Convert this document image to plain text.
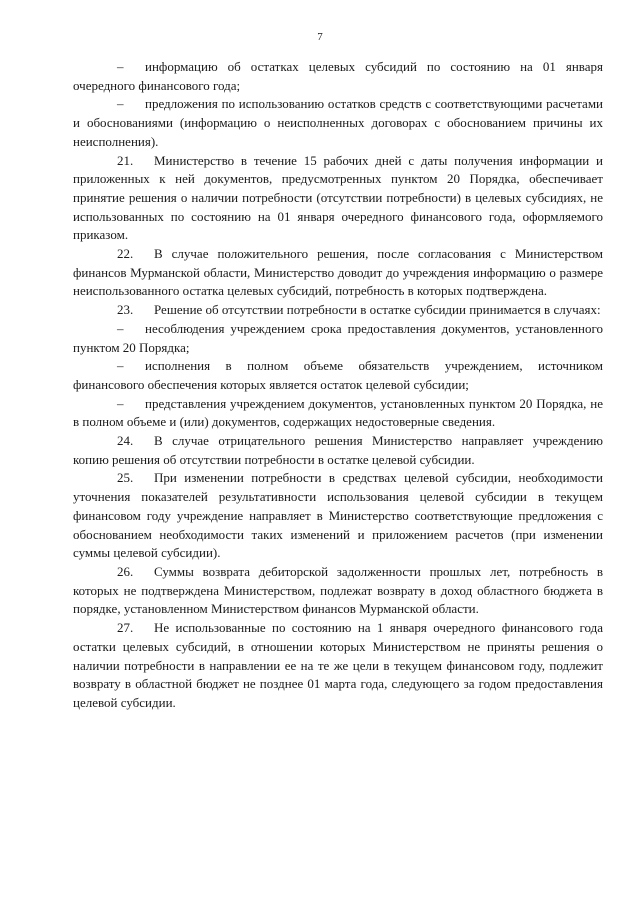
7

– информацию об остатках целевых субсидий по состоянию на 01 января очередного финансового года;

– предложения по использованию остатков средств с соответствующими расчетами и обоснованиями (информацию о неисполненных договорах с обоснованием причины их неисполнения).

21. Министерство в течение 15 рабочих дней с даты получения информации и приложенных к ней документов, предусмотренных пунктом 20 Порядка, обеспечивает принятие решения о наличии потребности (отсутствии потребности) в целевых субсидиях, не использованных по состоянию на 01 января очередного финансового года, оформляемого приказом.

22. В случае положительного решения, после согласования с Министерством финансов Мурманской области, Министерство доводит до учреждения информацию о размере неиспользованного остатка целевых субсидий, потребность в которых подтверждена.

23. Решение об отсутствии потребности в остатке субсидии принимается в случаях:

– несоблюдения учреждением срока предоставления документов, установленного пунктом 20 Порядка;

– исполнения в полном объеме обязательств учреждением, источником финансового обеспечения которых является остаток целевой субсидии;

– представления учреждением документов, установленных пунктом 20 Порядка, не в полном объеме и (или) документов, содержащих недостоверные сведения.

24. В случае отрицательного решения Министерство направляет учреждению копию решения об отсутствии потребности в остатке целевой субсидии.

25. При изменении потребности в средствах целевой субсидии, необходимости уточнения показателей результативности использования целевой субсидии в текущем финансовом году учреждение направляет в Министерство соответствующие предложения с обоснованием необходимости таких изменений и приложением расчетов (при изменении суммы целевой субсидии).

26. Суммы возврата дебиторской задолженности прошлых лет, потребность в которых не подтверждена Министерством, подлежат возврату в доход областного бюджета в порядке, установленном Министерством финансов Мурманской области.

27. Не использованные по состоянию на 1 января очередного финансового года остатки целевых субсидий, в отношении которых Министерством не приняты решения о наличии потребности в направлении ее на те же цели в текущем финансовом году, подлежит возврату в областной бюджет не позднее 01 марта года, следующего за годом предоставления целевой субсидии.
